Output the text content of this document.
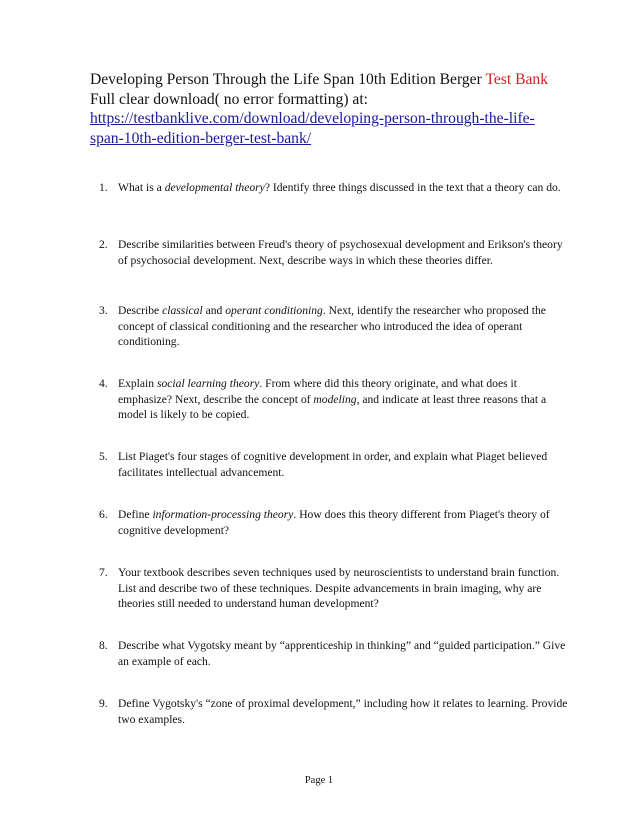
Developing Person Through the Life Span 10th Edition Berger Test Bank
Full clear download( no error formatting) at:
https://testbanklive.com/download/developing-person-through-the-life-
span-10th-edition-berger-test-bank/
1. What is a developmental theory? Identify three things discussed in the text that a theory can do.
2. Describe similarities between Freud's theory of psychosexual development and Erikson's theory of psychosocial development. Next, describe ways in which these theories differ.
3. Describe classical and operant conditioning. Next, identify the researcher who proposed the concept of classical conditioning and the researcher who introduced the idea of operant conditioning.
4. Explain social learning theory. From where did this theory originate, and what does it emphasize? Next, describe the concept of modeling, and indicate at least three reasons that a model is likely to be copied.
5. List Piaget's four stages of cognitive development in order, and explain what Piaget believed facilitates intellectual advancement.
6. Define information-processing theory. How does this theory different from Piaget's theory of cognitive development?
7. Your textbook describes seven techniques used by neuroscientists to understand brain function. List and describe two of these techniques. Despite advancements in brain imaging, why are theories still needed to understand human development?
8. Describe what Vygotsky meant by “apprenticeship in thinking” and “guided participation.” Give an example of each.
9. Define Vygotsky's “zone of proximal development,” including how it relates to learning. Provide two examples.
Page 1
